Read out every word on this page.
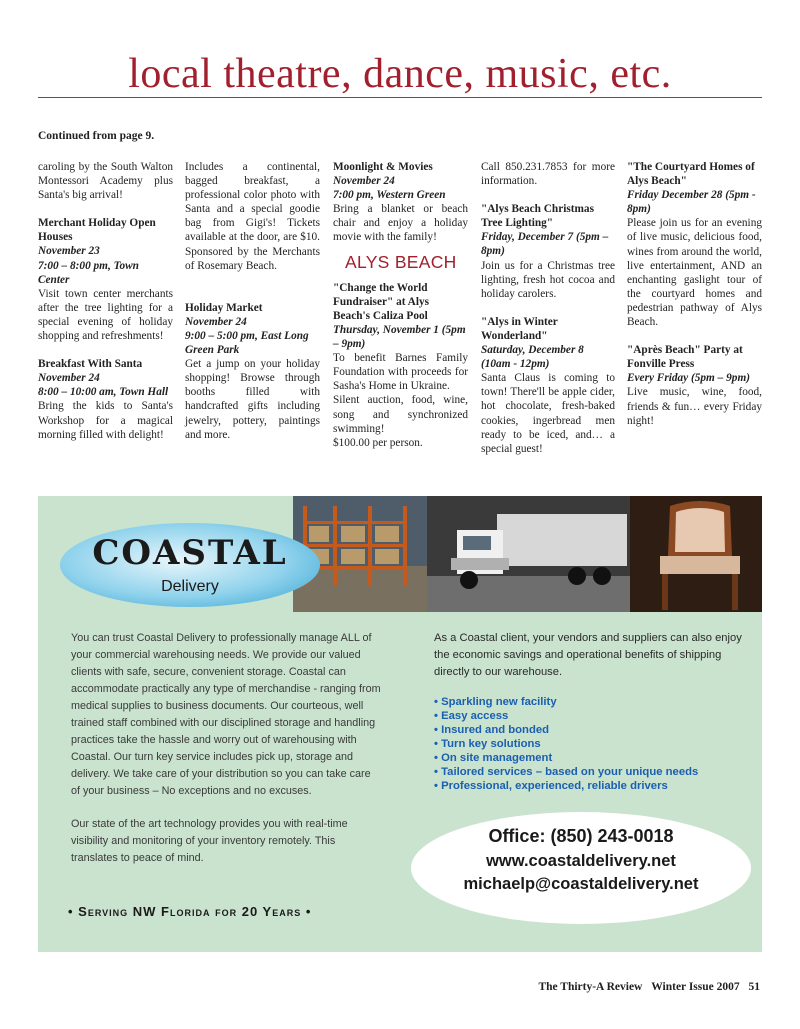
local theatre, dance, music, etc.
Continued from page 9.

caroling by the South Walton Montessori Academy plus Santa's big arrival!

Merchant Holiday Open Houses

November 23

7:00 – 8:00 pm, Town Center

Visit town center merchants after the tree lighting for a special evening of holiday shopping and refreshments!

Breakfast With Santa

November 24

8:00 – 10:00 am, Town Hall

Bring the kids to Santa's Workshop for a magical morning filled with delight!

Includes a continental, bagged breakfast, a professional color photo with Santa and a special goodie bag from Gigi's! Tickets available at the door, are $10. Sponsored by the Merchants of Rosemary Beach.

Holiday Market

November 24

9:00 – 5:00 pm, East Long Green Park

Get a jump on your holiday shopping! Browse through booths filled with handcrafted gifts including jewelry, pottery, paintings and more.

Moonlight & Movies

November 24

7:00 pm, Western Green

Bring a blanket or beach chair and enjoy a holiday movie with the family!

ALYS BEACH

"Change the World Fundraiser" at Alys Beach's Caliza Pool

Thursday, November 1 (5pm – 9pm)

To benefit Barnes Family Foundation with proceeds for Sasha's Home in Ukraine.

Silent auction, food, wine, song and synchronized swimming!

$100.00 per person.

Call 850.231.7853 for more information.

"Alys Beach Christmas Tree Lighting"

Friday, December 7 (5pm – 8pm)

Join us for a Christmas tree lighting, fresh hot cocoa and holiday carolers.

"Alys in Winter Wonderland"

Saturday, December 8 (10am - 12pm)

Santa Claus is coming to town! There'll be apple cider, hot chocolate, fresh-baked cookies, ingerbread men ready to be iced, and… a special guest!

"The Courtyard Homes of Alys Beach"

Friday December 28 (5pm - 8pm)

Please join us for an evening of live music, delicious food, wines from around the world, live entertainment, AND an enchanting gaslight tour of the courtyard homes and pedestrian pathway of Alys Beach.

"Après Beach" Party at Fonville Press

Every Friday (5pm – 9pm)

Live music, wine, food, friends & fun… every Friday night!

COASTAL
Delivery

You can trust Coastal Delivery to professionally manage ALL of your commercial warehousing needs. We provide our valued clients with safe, secure, convenient storage. Coastal can accommodate practically any type of merchandise - ranging from medical supplies to business documents. Our courteous, well trained staff combined with our disciplined storage and handling practices take the hassle and worry out of warehousing with Coastal. Our turn key service includes pick up, storage and delivery. We take care of your distribution so you can take care of your business – No exceptions and no excuses.

Our state of the art technology provides you with real-time visibility and monitoring of your inventory remotely. This translates to peace of mind.

As a Coastal client, your vendors and suppliers can also enjoy the economic savings and operational benefits of shipping directly to our warehouse.
• Sparkling new facility
• Easy access
• Insured and bonded
• Turn key solutions
• On site management
• Tailored services – based on your unique needs
• Professional, experienced, reliable drivers
Office: (850) 243-0018
www.coastaldelivery.net
michaelp@coastaldelivery.net
• Serving NW Florida for 20 Years •
The Thirty-A Review Winter Issue 2007 51
